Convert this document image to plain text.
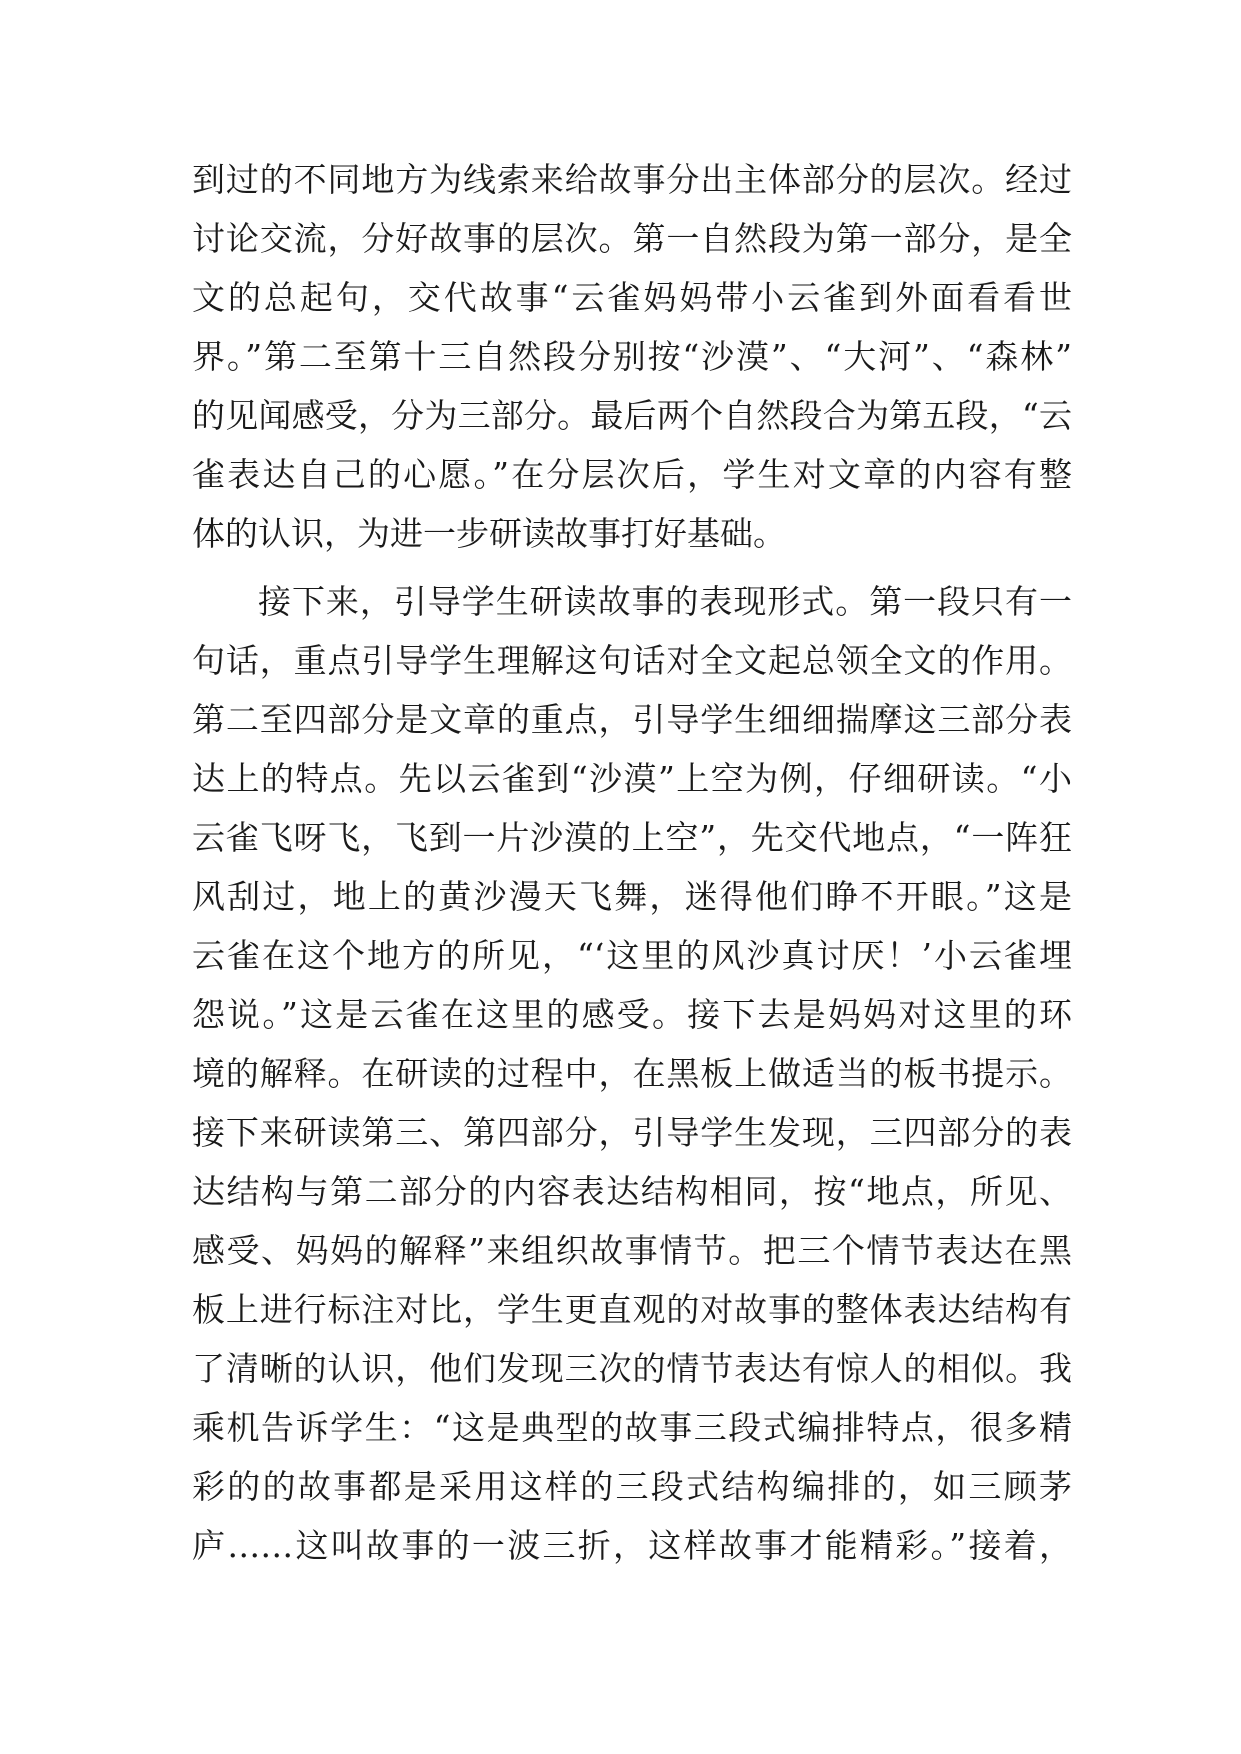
到过的不同地方为线索来给故事分出主体部分的层次。经过
讨论交流，分好故事的层次。第一自然段为第一部分，是全
文的总起句，交代故事“云雀妈妈带小云雀到外面看看世
界。”第二至第十三自然段分别按“沙漠”、“大河”、“森林”
的见闻感受，分为三部分。最后两个自然段合为第五段，“云
雀表达自己的心愿。”在分层次后，学生对文章的内容有整
体的认识，为进一步研读故事打好基础。
接下来，引导学生研读故事的表现形式。第一段只有一
句话，重点引导学生理解这句话对全文起总领全文的作用。
第二至四部分是文章的重点，引导学生细细揣摩这三部分表
达上的特点。先以云雀到“沙漠”上空为例，仔细研读。“小
云雀飞呀飞，飞到一片沙漠的上空”，先交代地点，“一阵狂
风刮过，地上的黄沙漫天飞舞，迷得他们睁不开眼。”这是
云雀在这个地方的所见，“‘这里的风沙真讨厌！’小云雀埋
怨说。”这是云雀在这里的感受。接下去是妈妈对这里的环
境的解释。在研读的过程中，在黑板上做适当的板书提示。
接下来研读第三、第四部分，引导学生发现，三四部分的表
达结构与第二部分的内容表达结构相同，按“地点，所见、
感受、妈妈的解释”来组织故事情节。把三个情节表达在黑
板上进行标注对比，学生更直观的对故事的整体表达结构有
了清晰的认识，他们发现三次的情节表达有惊人的相似。我
乘机告诉学生：“这是典型的故事三段式编排特点，很多精
彩的的故事都是采用这样的三段式结构编排的，如三顾茅
庐……这叫故事的一波三折，这样故事才能精彩。”接着，
